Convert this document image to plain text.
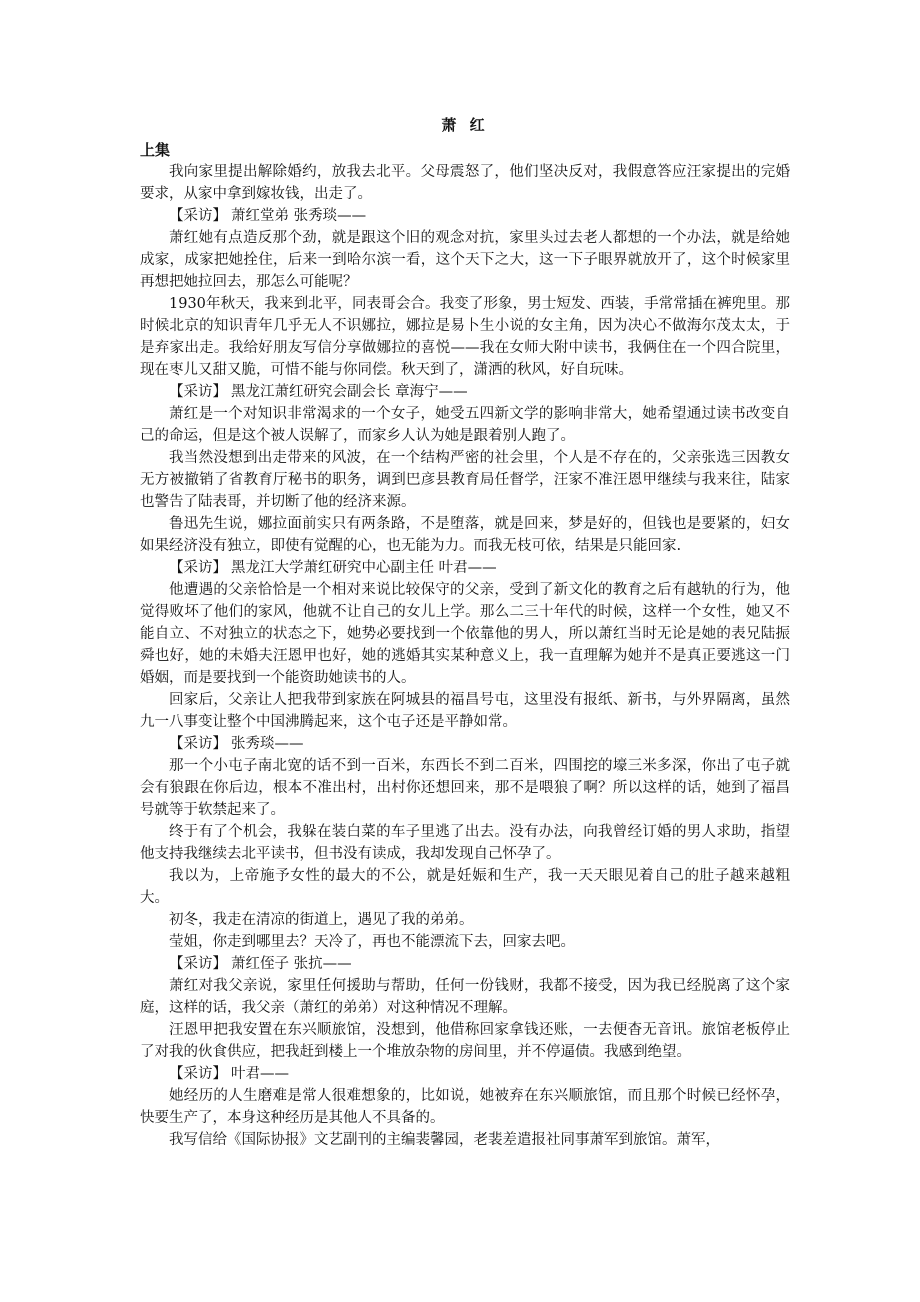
萧 红
上集
我向家里提出解除婚约，放我去北平。父母震怒了，他们坚决反对，我假意答应汪家提出的完婚要求，从家中拿到嫁妆钱，出走了。
【采访】 萧红堂弟 张秀琰——
萧红她有点造反那个劲，就是跟这个旧的观念对抗，家里头过去老人都想的一个办法，就是给她成家，成家把她拴住，后来一到哈尔滨一看，这个天下之大，这一下子眼界就放开了，这个时候家里再想把她拉回去，那怎么可能呢？
1930年秋天，我来到北平，同表哥会合。我变了形象，男士短发、西装，手常常插在裤兜里。那时候北京的知识青年几乎无人不识娜拉，娜拉是易卜生小说的女主角，因为决心不做海尔茂太太，于是弃家出走。我给好朋友写信分享做娜拉的喜悦——我在女师大附中读书，我俩住在一个四合院里，现在枣儿又甜又脆，可惜不能与你同偿。秋天到了，潇洒的秋风，好自玩味。
【采访】 黑龙江萧红研究会副会长 章海宁——
萧红是一个对知识非常渴求的一个女子，她受五四新文学的影响非常大，她希望通过读书改变自己的命运，但是这个被人误解了，而家乡人认为她是跟着别人跑了。
我当然没想到出走带来的风波，在一个结构严密的社会里，个人是不存在的，父亲张选三因教女无方被撤销了省教育厅秘书的职务，调到巴彦县教育局任督学，汪家不准汪恩甲继续与我来往，陆家也警告了陆表哥，并切断了他的经济来源。
鲁迅先生说，娜拉面前实只有两条路，不是堕落，就是回来，梦是好的，但钱也是要紧的，妇女如果经济没有独立，即使有觉醒的心，也无能为力。而我无枝可依，结果是只能回家.
【采访】 黑龙江大学萧红研究中心副主任 叶君——
他遭遇的父亲恰恰是一个相对来说比较保守的父亲，受到了新文化的教育之后有越轨的行为，他觉得败坏了他们的家风，他就不让自己的女儿上学。那么二三十年代的时候，这样一个女性，她又不能自立、不对独立的状态之下，她势必要找到一个依靠他的男人，所以萧红当时无论是她的表兄陆振舜也好，她的未婚夫汪恩甲也好，她的逃婚其实某种意义上，我一直理解为她并不是真正要逃这一门婚姻，而是要找到一个能资助她读书的人。
回家后，父亲让人把我带到家族在阿城县的福昌号屯，这里没有报纸、新书，与外界隔离，虽然九一八事变让整个中国沸腾起来，这个屯子还是平静如常。
【采访】 张秀琰——
那一个小屯子南北宽的话不到一百米，东西长不到二百米，四围挖的壕三米多深，你出了屯子就会有狼跟在你后边，根本不准出村，出村你还想回来，那不是喂狼了啊？所以这样的话，她到了福昌号就等于软禁起来了。
终于有了个机会，我躲在装白菜的车子里逃了出去。没有办法，向我曾经订婚的男人求助，指望他支持我继续去北平读书，但书没有读成，我却发现自己怀孕了。
我以为，上帝施予女性的最大的不公，就是妊娠和生产，我一天天眼见着自己的肚子越来越粗大。
初冬，我走在清凉的街道上，遇见了我的弟弟。
莹姐，你走到哪里去？天冷了，再也不能漂流下去，回家去吧。
【采访】 萧红侄子 张抗——
萧红对我父亲说，家里任何援助与帮助，任何一份钱财，我都不接受，因为我已经脱离了这个家庭，这样的话，我父亲（萧红的弟弟）对这种情况不理解。
汪恩甲把我安置在东兴顺旅馆，没想到，他借称回家拿钱还账，一去便杳无音讯。旅馆老板停止了对我的伙食供应，把我赶到楼上一个堆放杂物的房间里，并不停逼债。我感到绝望。
【采访】 叶君——
她经历的人生磨难是常人很难想象的，比如说，她被弃在东兴顺旅馆，而且那个时候已经怀孕，快要生产了，本身这种经历是其他人不具备的。
我写信给《国际协报》文艺副刊的主编裴馨园，老裴差遣报社同事萧军到旅馆。萧军，
